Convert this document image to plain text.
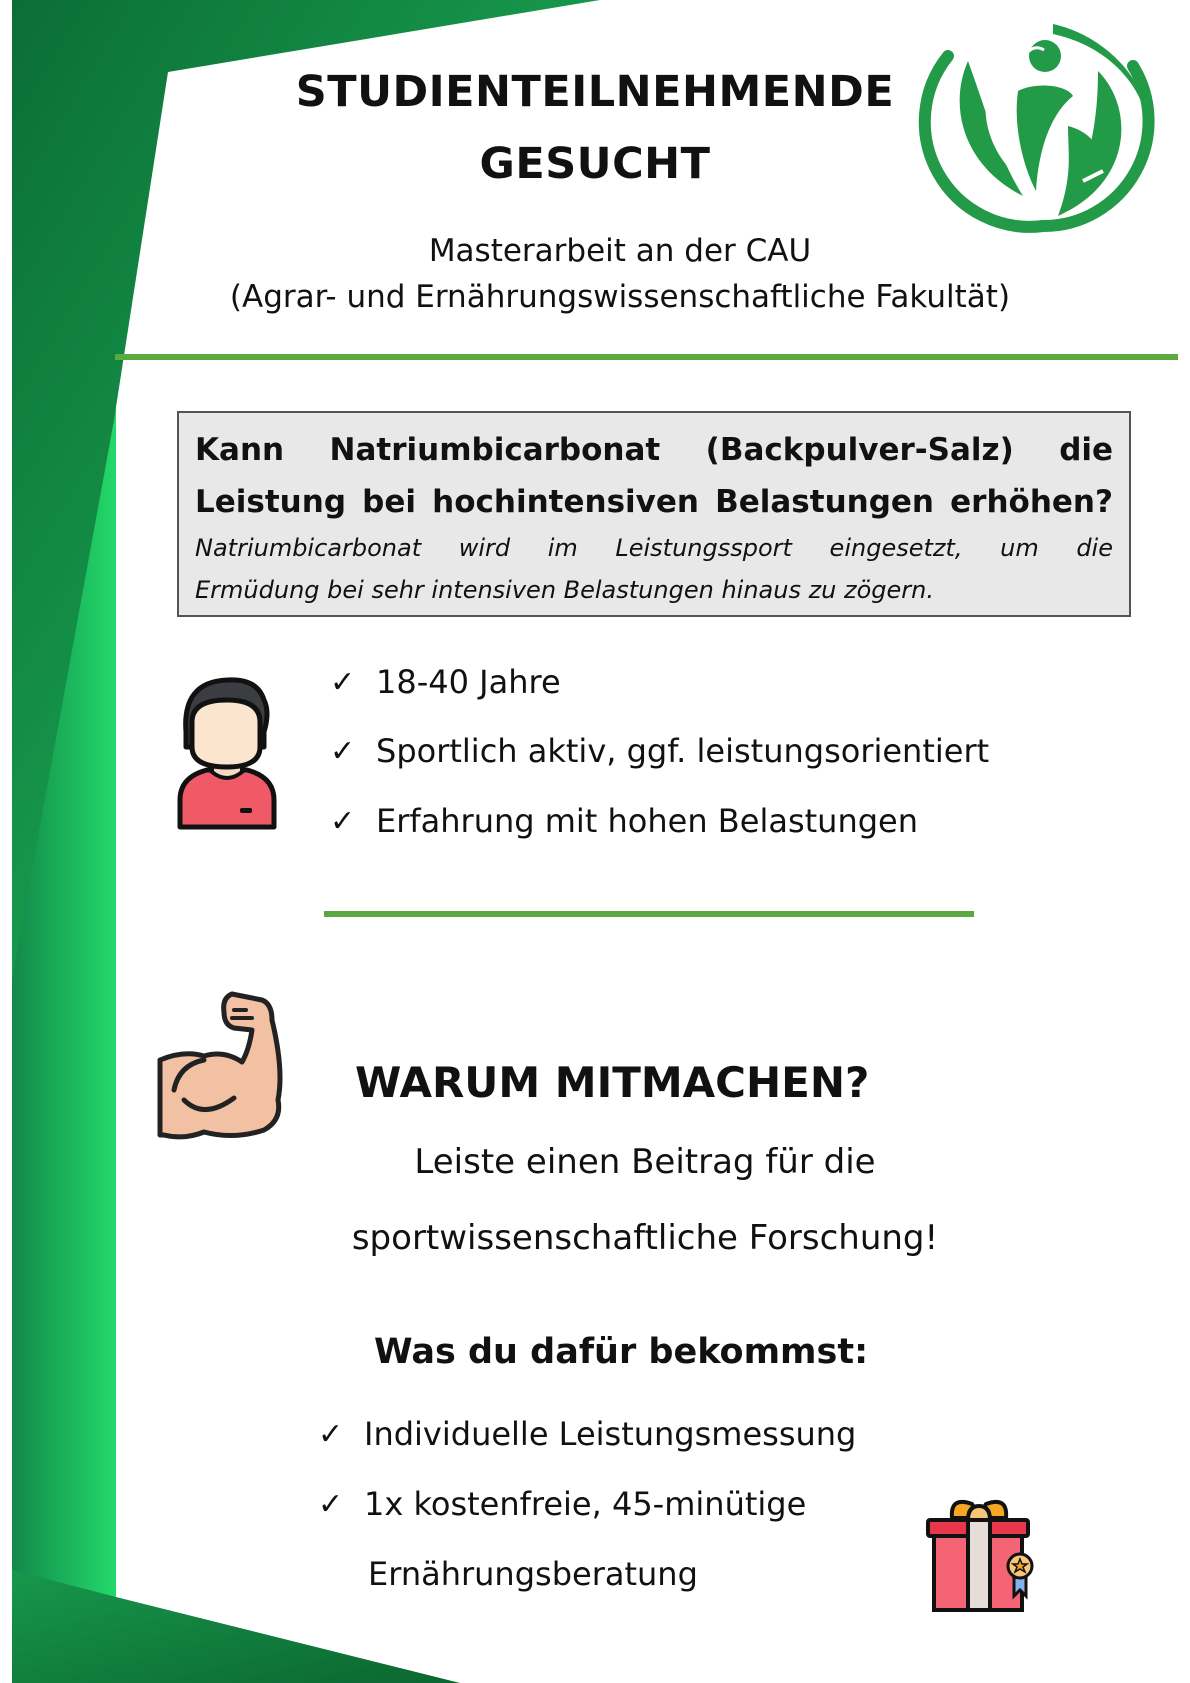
STUDIENTEILNEHMENDE
GESUCHT
Masterarbeit an der CAU
(Agrar- und Ernährungswissenschaftliche Fakultät)
Kann Natriumbicarbonat (Backpulver-Salz) die
Leistung bei hochintensiven Belastungen erhöhen?
Natriumbicarbonat wird im Leistungssport eingesetzt, um die
Ermüdung bei sehr intensiven Belastungen hinaus zu zögern.
✓ 18-40 Jahre
✓ Sportlich aktiv, ggf. leistungsorientiert
✓ Erfahrung mit hohen Belastungen
WARUM MITMACHEN?
Leiste einen Beitrag für die
sportwissenschaftliche Forschung!
Was du dafür bekommst:
✓ Individuelle Leistungsmessung
✓ 1x kostenfreie, 45-minütige
Ernährungsberatung
